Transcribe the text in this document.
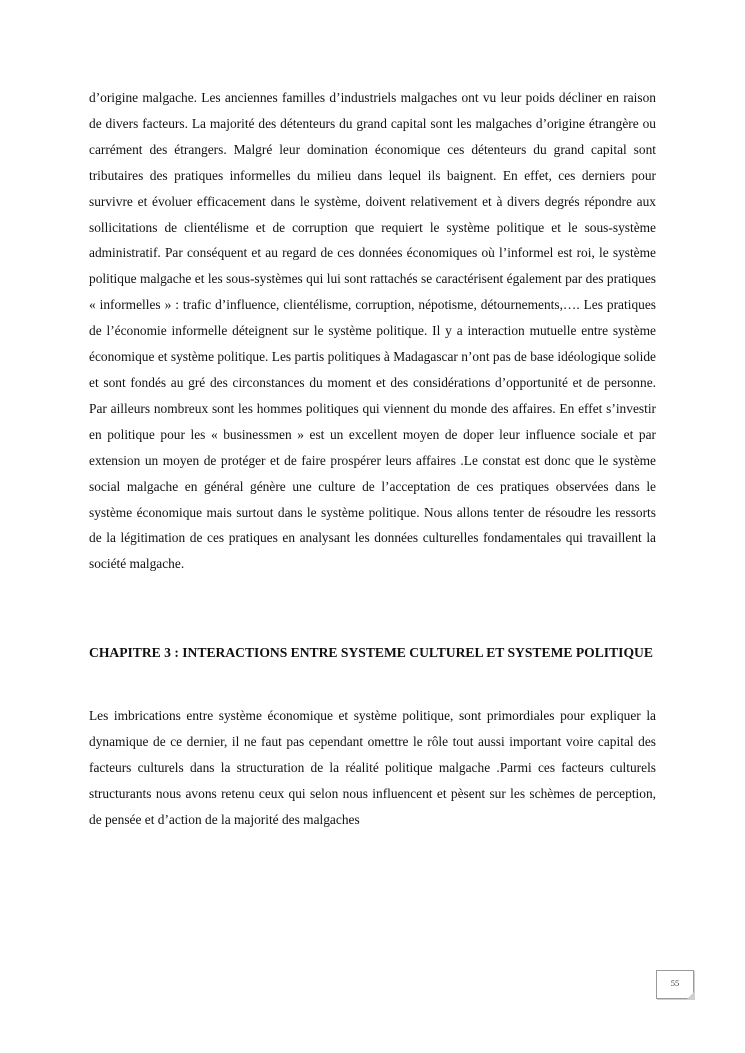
d’origine malgache. Les anciennes familles d’industriels malgaches ont vu leur poids décliner en raison de divers facteurs. La majorité des détenteurs du grand capital sont les malgaches d’origine étrangère ou carrément des étrangers. Malgré leur domination économique ces détenteurs du grand capital sont tributaires des pratiques informelles du milieu dans lequel ils baignent. En effet, ces derniers pour survivre et évoluer efficacement dans le système, doivent relativement et à divers degrés répondre aux sollicitations de clientélisme et de corruption que requiert le système politique et le sous-système administratif. Par conséquent et au regard de ces données économiques où l’informel est roi, le système politique malgache et les sous-systèmes qui lui sont rattachés se caractérisent également par des pratiques « informelles » : trafic d’influence, clientélisme, corruption, népotisme, détournements,…. Les pratiques de l’économie informelle déteignent sur le système politique. Il y a interaction mutuelle entre système économique et système politique. Les partis politiques à Madagascar n’ont pas de base idéologique solide et sont fondés au gré des circonstances du moment et des considérations d’opportunité et de personne. Par ailleurs nombreux sont les hommes politiques qui viennent du monde des affaires. En effet s’investir en politique pour les « businessmen » est un excellent moyen de doper leur influence sociale et par extension un moyen de protéger et de faire prospérer leurs affaires .Le constat est donc que le système social malgache en général génère une culture de l’acceptation de ces pratiques observées dans le système économique mais surtout dans le système politique. Nous allons tenter de résoudre les ressorts de la légitimation de ces pratiques en analysant les données culturelles fondamentales qui travaillent la société malgache.

CHAPITRE 3 : INTERACTIONS ENTRE SYSTEME CULTUREL ET SYSTEME POLITIQUE

Les imbrications entre système économique et système politique, sont primordiales pour expliquer la dynamique de ce dernier, il ne faut pas cependant omettre le rôle tout aussi important voire capital des facteurs culturels dans la structuration de la réalité politique malgache .Parmi ces facteurs culturels structurants nous avons retenu ceux qui selon nous influencent et pèsent sur les schèmes de perception, de pensée et d’action de la majorité des malgaches

55
